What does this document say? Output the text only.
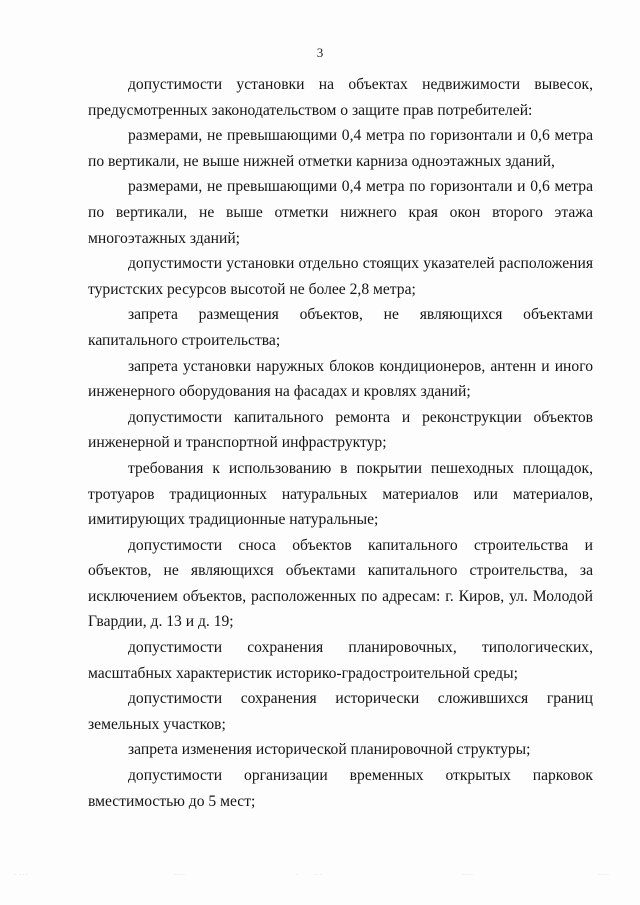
3

допустимости установки на объектах недвижимости вывесок, предусмотренных законодательством о защите прав потребителей:

размерами, не превышающими 0,4 метра по горизонтали и 0,6 метра по вертикали, не выше нижней отметки карниза одноэтажных зданий,

размерами, не превышающими 0,4 метра по горизонтали и 0,6 метра по вертикали, не выше отметки нижнего края окон второго этажа многоэтажных зданий;

допустимости установки отдельно стоящих указателей расположения туристских ресурсов высотой не более 2,8 метра;

запрета размещения объектов, не являющихся объектами капитального строительства;

запрета установки наружных блоков кондиционеров, антенн и иного инженерного оборудования на фасадах и кровлях зданий;

допустимости капитального ремонта и реконструкции объектов инженерной и транспортной инфраструктур;

требования к использованию в покрытии пешеходных площадок, тротуаров традиционных натуральных материалов или материалов, имитирующих традиционные натуральные;

допустимости сноса объектов капитального строительства и объектов, не являющихся объектами капитального строительства, за исключением объектов, расположенных по адресам: г. Киров, ул. Молодой Гвардии, д. 13 и д. 19;

допустимости сохранения планировочных, типологических, масштабных характеристик историко-градостроительной среды;

допустимости сохранения исторически сложившихся границ земельных участков;

запрета изменения исторической планировочной структуры;

допустимости организации временных открытых парковок вместимостью до 5 мест;

· ···	····	·	···	····	····
